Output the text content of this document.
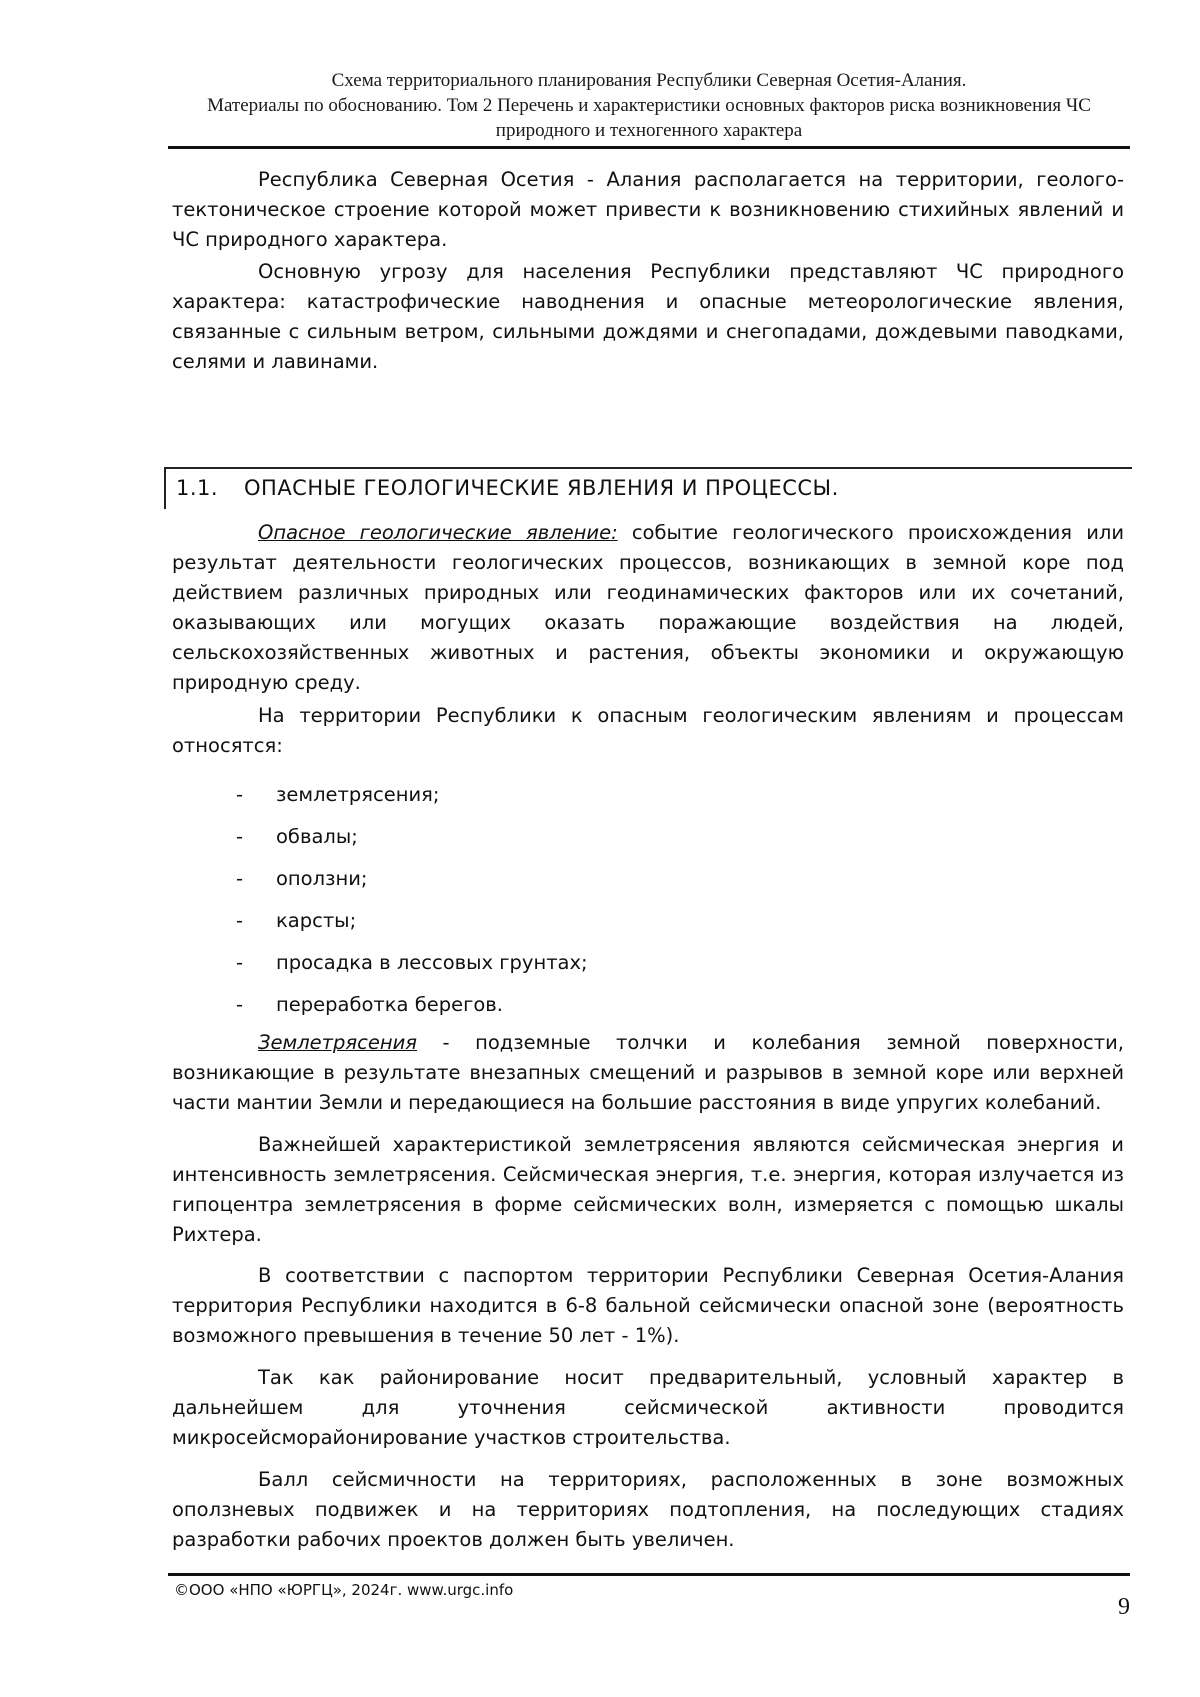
Схема территориального планирования Республики Северная Осетия-Алания.
Материалы по обоснованию. Том 2 Перечень и характеристики основных факторов риска возникновения ЧС
природного и техногенного характера

Республика Северная Осетия - Алания располагается на территории, геолого-тектоническое строение которой может привести к возникновению стихийных явлений и ЧС природного характера.

Основную угрозу для населения Республики представляют ЧС природного характера: катастрофические наводнения и опасные метеорологические явления, связанные с сильным ветром, сильными дождями и снегопадами, дождевыми паводками, селями и лавинами.

1.1. ОПАСНЫЕ ГЕОЛОГИЧЕСКИЕ ЯВЛЕНИЯ И ПРОЦЕССЫ.

Опасное геологические явление: событие геологического происхождения или результат деятельности геологических процессов, возникающих в земной коре под действием различных природных или геодинамических факторов или их сочетаний, оказывающих или могущих оказать поражающие воздействия на людей, сельскохозяйственных животных и растения, объекты экономики и окружающую природную среду.

На территории Республики к опасным геологическим явлениям и процессам относятся:

-	землетрясения;
-	обвалы;
-	оползни;
-	карсты;
-	просадка в лессовых грунтах;
-	переработка берегов.

Землетрясения - подземные толчки и колебания земной поверхности, возникающие в результате внезапных смещений и разрывов в земной коре или верхней части мантии Земли и передающиеся на большие расстояния в виде упругих колебаний.

Важнейшей характеристикой землетрясения являются сейсмическая энергия и интенсивность землетрясения. Сейсмическая энергия, т.е. энергия, которая излучается из гипоцентра землетрясения в форме сейсмических волн, измеряется с помощью шкалы Рихтера.

В соответствии с паспортом территории Республики Северная Осетия-Алания территория Республики находится в 6-8 бальной сейсмически опасной зоне (вероятность возможного превышения в течение 50 лет - 1%).

Так как районирование носит предварительный, условный характер в дальнейшем для уточнения сейсмической активности проводится микросейсморайонирование участков строительства.

Балл сейсмичности на территориях, расположенных в зоне возможных оползневых подвижек и на территориях подтопления, на последующих стадиях разработки рабочих проектов должен быть увеличен.

©ООО «НПО «ЮРГЦ», 2024г. www.urgc.info
9
